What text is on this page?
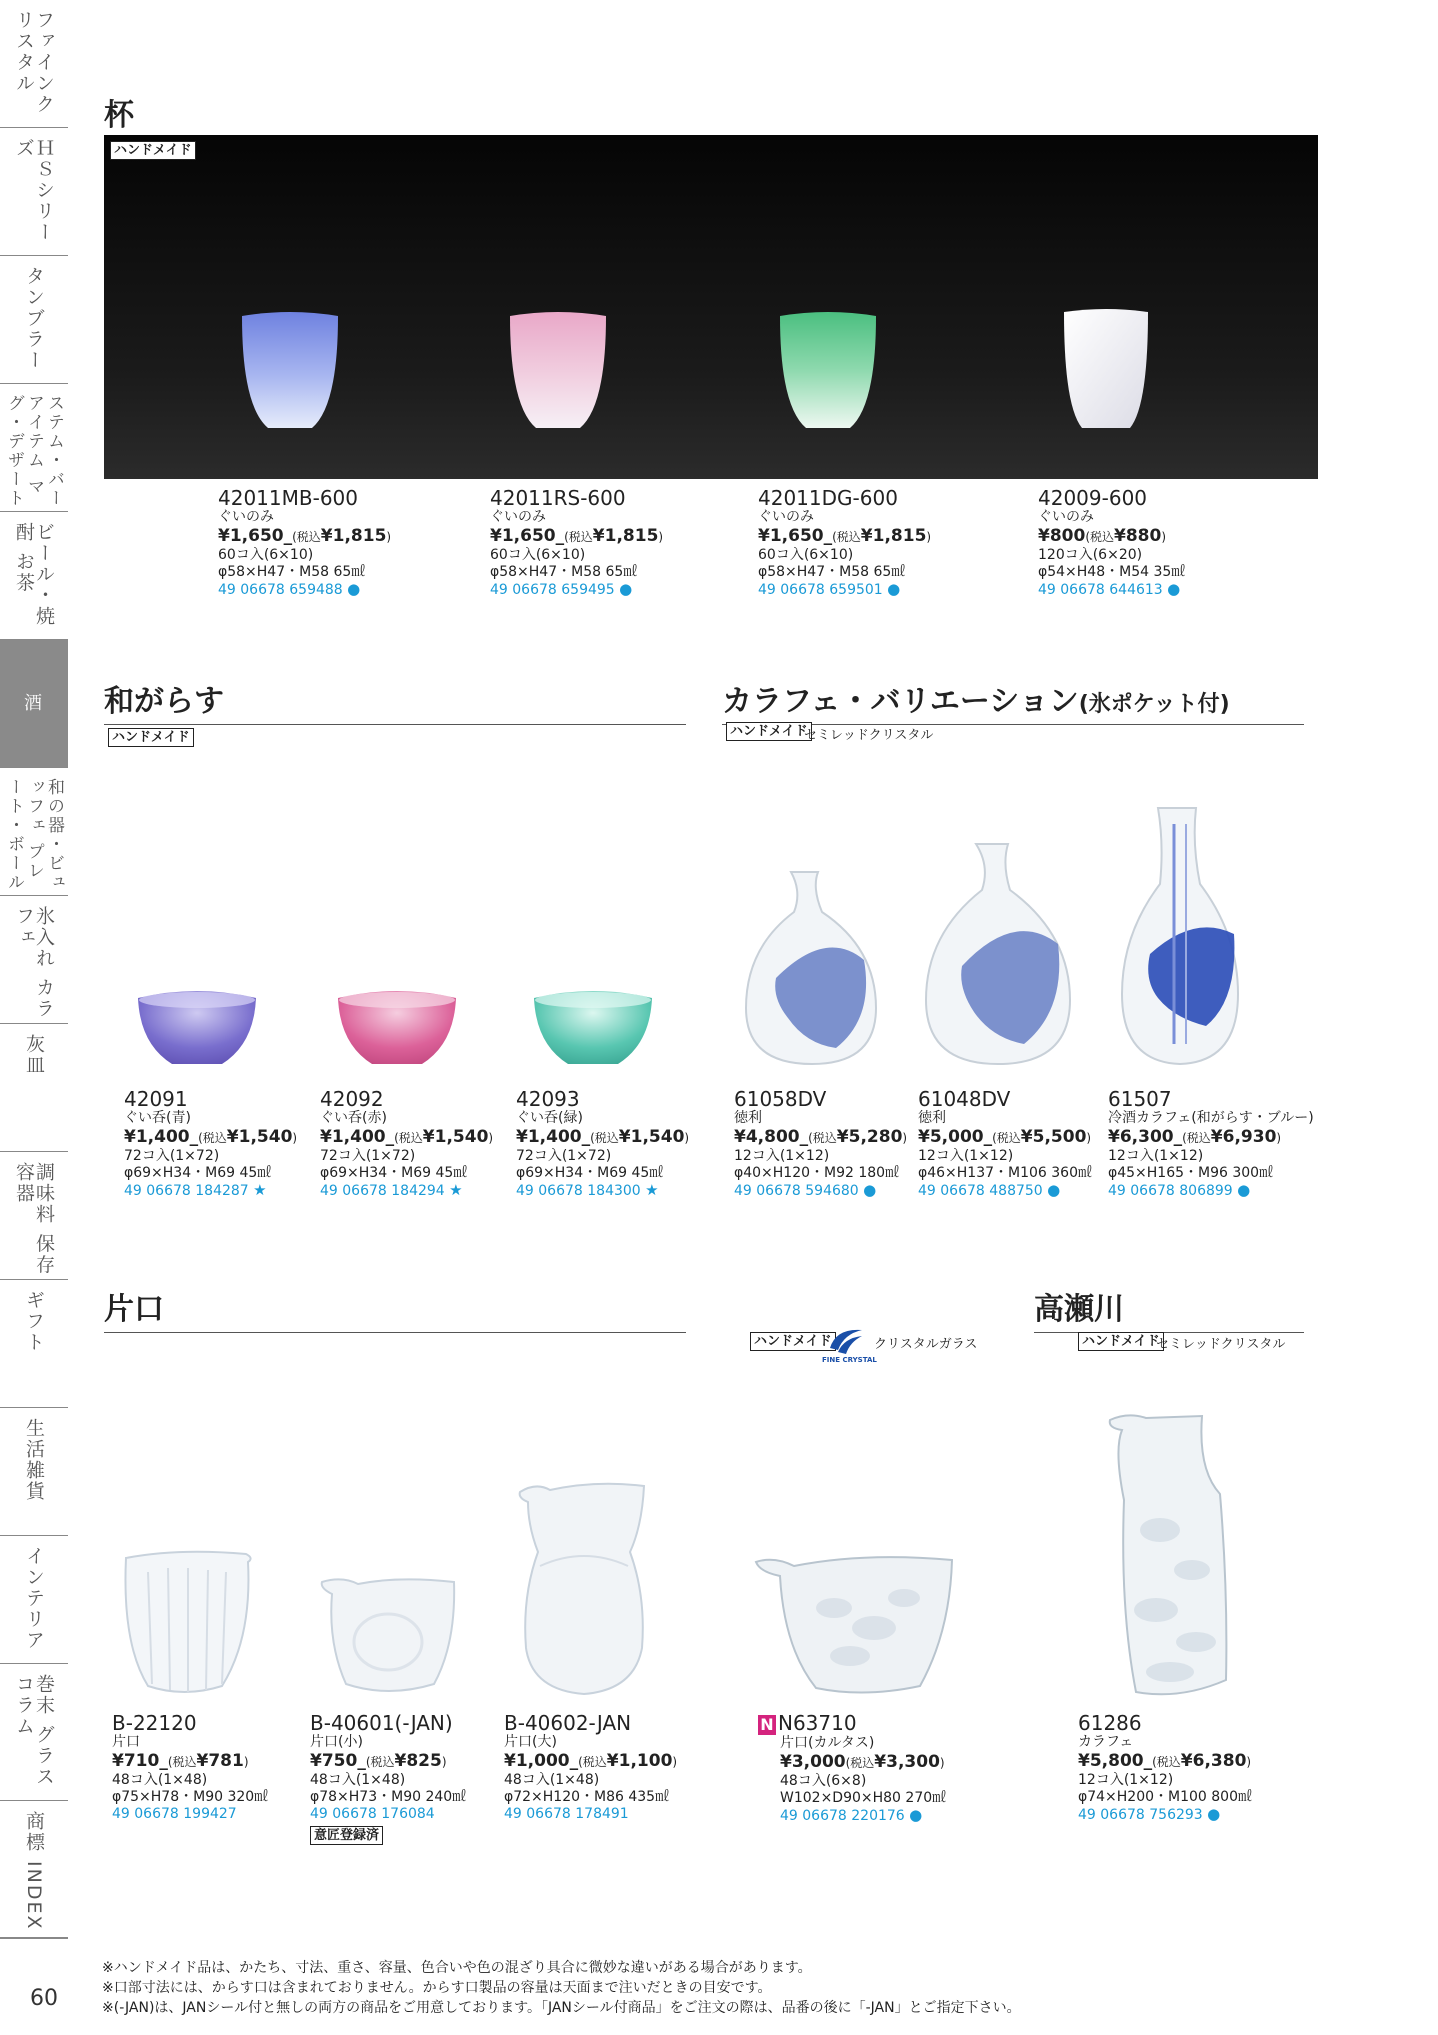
ファインクリスタル
ＨＳシリーズ
タンブラー
ステム・バーアイテム マグ・デザート
ビール・焼酎 お茶
酒
和の器・ビュッフェ プレート・ボール
氷入れ カラフェ
灰皿
調味料 保存容器
ギフト
生活雑貨
インテリア
巻末 グラスコラム
商標 INDEX
60
杯
ハンドメイド
42011MB-600
ぐいのみ
¥1,650_(税込¥1,815)
60コ入(6×10)
φ58×H47・M58 65㎖
49 06678 659488 ●
42011RS-600
ぐいのみ
¥1,650_(税込¥1,815)
60コ入(6×10)
φ58×H47・M58 65㎖
49 06678 659495 ●
42011DG-600
ぐいのみ
¥1,650_(税込¥1,815)
60コ入(6×10)
φ58×H47・M58 65㎖
49 06678 659501 ●
42009-600
ぐいのみ
¥800(税込¥880)
120コ入(6×20)
φ54×H48・M54 35㎖
49 06678 644613 ●
和がらす
ハンドメイド
42091
ぐい呑(青)
¥1,400_(税込¥1,540)
72コ入(1×72)
φ69×H34・M69 45㎖
49 06678 184287 ★
42092
ぐい呑(赤)
¥1,400_(税込¥1,540)
72コ入(1×72)
φ69×H34・M69 45㎖
49 06678 184294 ★
42093
ぐい呑(緑)
¥1,400_(税込¥1,540)
72コ入(1×72)
φ69×H34・M69 45㎖
49 06678 184300 ★
カラフェ・バリエーション(氷ポケット付)
ハンドメイド
セミレッドクリスタル
61058DV
徳利
¥4,800_(税込¥5,280)
12コ入(1×12)
φ40×H120・M92 180㎖
49 06678 594680 ●
61048DV
徳利
¥5,000_(税込¥5,500)
12コ入(1×12)
φ46×H137・M106 360㎖
49 06678 488750 ●
61507
冷酒カラフェ(和がらす・ブルー)
¥6,300_(税込¥6,930)
12コ入(1×12)
φ45×H165・M96 300㎖
49 06678 806899 ●
片口
ハンドメイド	クリスタルガラス
FINE CRYSTAL
B-22120
片口
¥710_(税込¥781)
48コ入(1×48)
φ75×H78・M90 320㎖
49 06678 199427
B-40601(-JAN)
片口(小)
¥750_(税込¥825)
48コ入(1×48)
φ78×H73・M90 240㎖
49 06678 176084
意匠登録済
B-40602-JAN
片口(大)
¥1,000_(税込¥1,100)
48コ入(1×48)
φ72×H120・M86 435㎖
49 06678 178491
N N63710
片口(カルタス)
¥3,000(税込¥3,300)
48コ入(6×8)
W102×D90×H80 270㎖
49 06678 220176 ●
高瀬川
ハンドメイド
セミレッドクリスタル
61286
カラフェ
¥5,800_(税込¥6,380)
12コ入(1×12)
φ74×H200・M100 800㎖
49 06678 756293 ●
※ハンドメイド品は、かたち、寸法、重さ、容量、色合いや色の混ざり具合に微妙な違いがある場合があります。
※口部寸法には、からす口は含まれておりません。からす口製品の容量は天面まで注いだときの目安です。
※(-JAN)は、JANシール付と無しの両方の商品をご用意しております。「JANシール付商品」をご注文の際は、品番の後に「-JAN」とご指定下さい。
